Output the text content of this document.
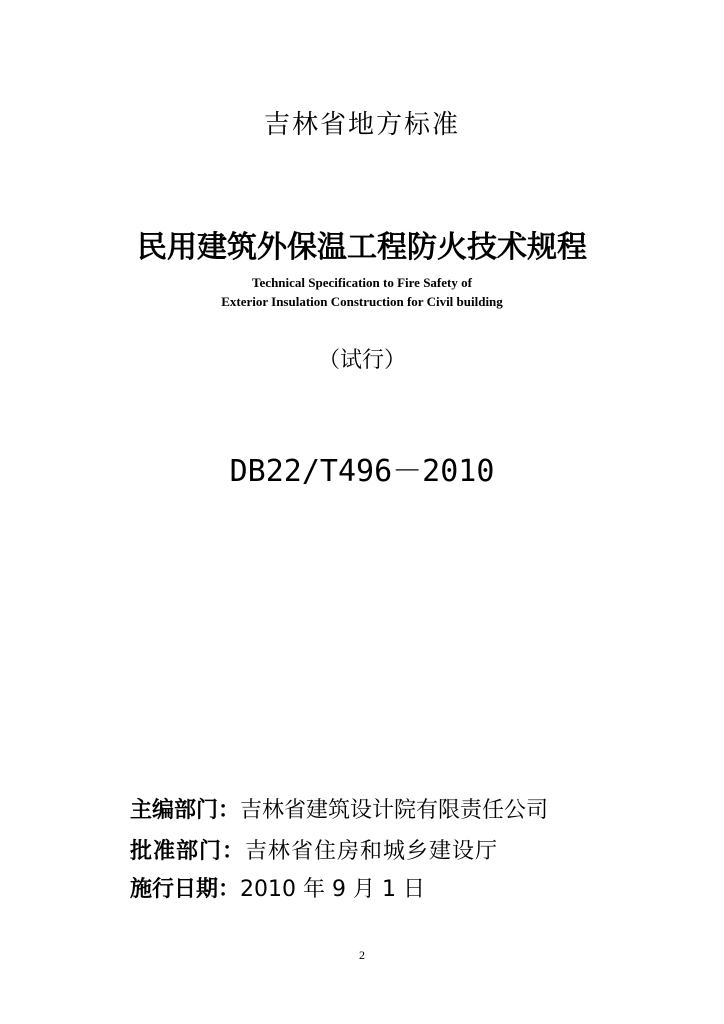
吉林省地方标准
民用建筑外保温工程防火技术规程
Technical Specification to Fire Safety of
Exterior Insulation Construction for Civil building
（试行）
DB22/T496－2010
主编部门：吉林省建筑设计院有限责任公司
批准部门：吉林省住房和城乡建设厅
施行日期：2010 年 9 月 1 日
2
